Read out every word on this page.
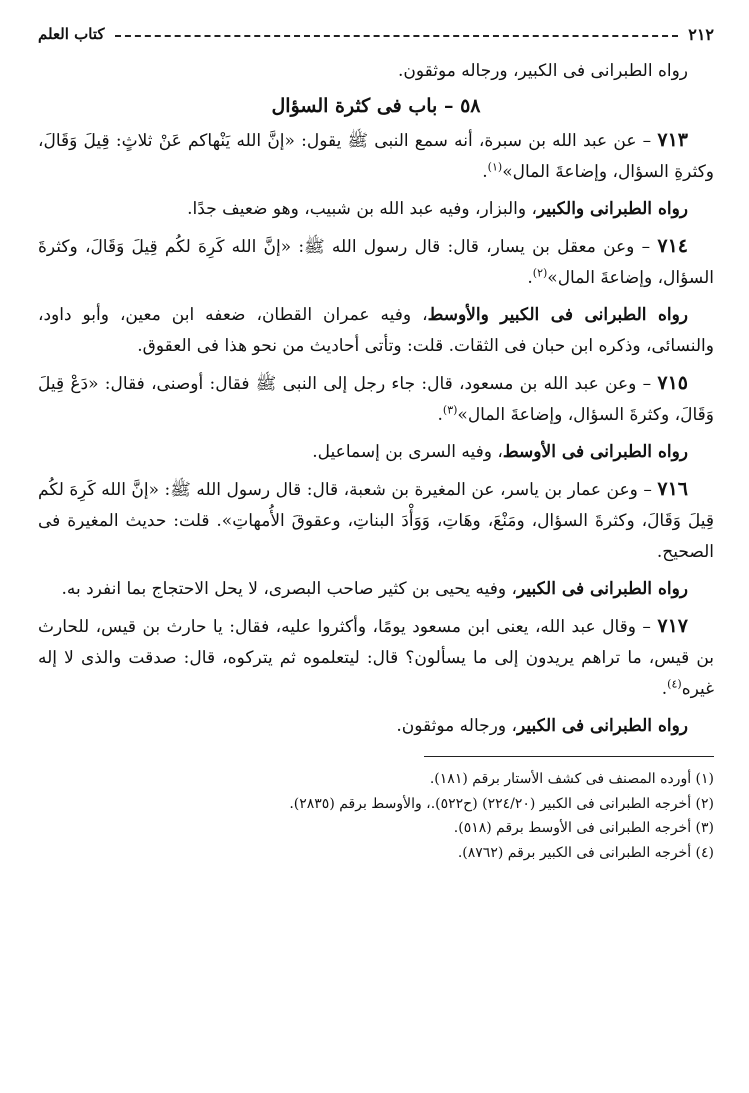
٢١٢
كتاب العلم

رواه الطبرانى فى الكبير، ورجاله موثقون.

٥٨ – باب فى كثرة السؤال

٧١٣ – عن عبد الله بن سبرة، أنه سمع النبى ﷺ يقول: «إنَّ الله يَنْهاكم عَنْ ثلاثٍ: قِيلَ وَقَالَ، وكثرةِ السؤال، وإضاعةَ المال»$^{(١)}$.

رواه الطبرانى والكبير، والبزار، وفيه عبد الله بن شبيب، وهو ضعيف جدًا.

٧١٤ – وعن معقل بن يسار، قال: قال رسول الله ﷺ: «إنَّ الله كَرِهَ لكُم قِيلَ وَقَالَ، وكثرةَ السؤال، وإضاعةَ المال»$^{(٢)}$.

رواه الطبرانى فى الكبير والأوسط، وفيه عمران القطان، ضعفه ابن معين، وأبو داود، والنسائى، وذكره ابن حبان فى الثقات. قلت: وتأتى أحاديث من نحو هذا فى العقوق.

٧١٥ – وعن عبد الله بن مسعود، قال: جاء رجل إلى النبى ﷺ فقال: أوصنى، فقال: «دَعْ قِيلَ وَقَالَ، وكثرةَ السؤال، وإضاعةَ المال»$^{(٣)}$.

رواه الطبرانى فى الأوسط، وفيه السرى بن إسماعيل.

٧١٦ – وعن عمار بن ياسر، عن المغيرة بن شعبة، قال: قال رسول الله ﷺ: «إنَّ الله كَرِهَ لكُم قِيلَ وَقَالَ، وكثرةَ السؤال، ومَنْعَ، وهَاتِ، وَوَأْدَ البناتِ، وعقوقَ الأُمهاتِ». قلت: حديث المغيرة فى الصحيح.

رواه الطبرانى فى الكبير، وفيه يحيى بن كثير صاحب البصرى، لا يحل الاحتجاج بما انفرد به.

٧١٧ – وقال عبد الله، يعنى ابن مسعود يومًا، وأكثروا عليه، فقال: يا حارث بن قيس، للحارث بن قيس، ما تراهم يريدون إلى ما يسألون؟ قال: ليتعلموه ثم يتركوه، قال: صدقت والذى لا إله غيره$^{(٤)}$.

رواه الطبرانى فى الكبير، ورجاله موثقون.

(١) أورده المصنف فى كشف الأستار برقم (١٨١).
(٢) أخرجه الطبرانى فى الكبير (٢٢٤/٢٠) (ح٥٢٢).، والأوسط برقم (٢٨٣٥).
(٣) أخرجه الطبرانى فى الأوسط برقم (٥١٨).
(٤) أخرجه الطبرانى فى الكبير برقم (٨٧٦٢).
